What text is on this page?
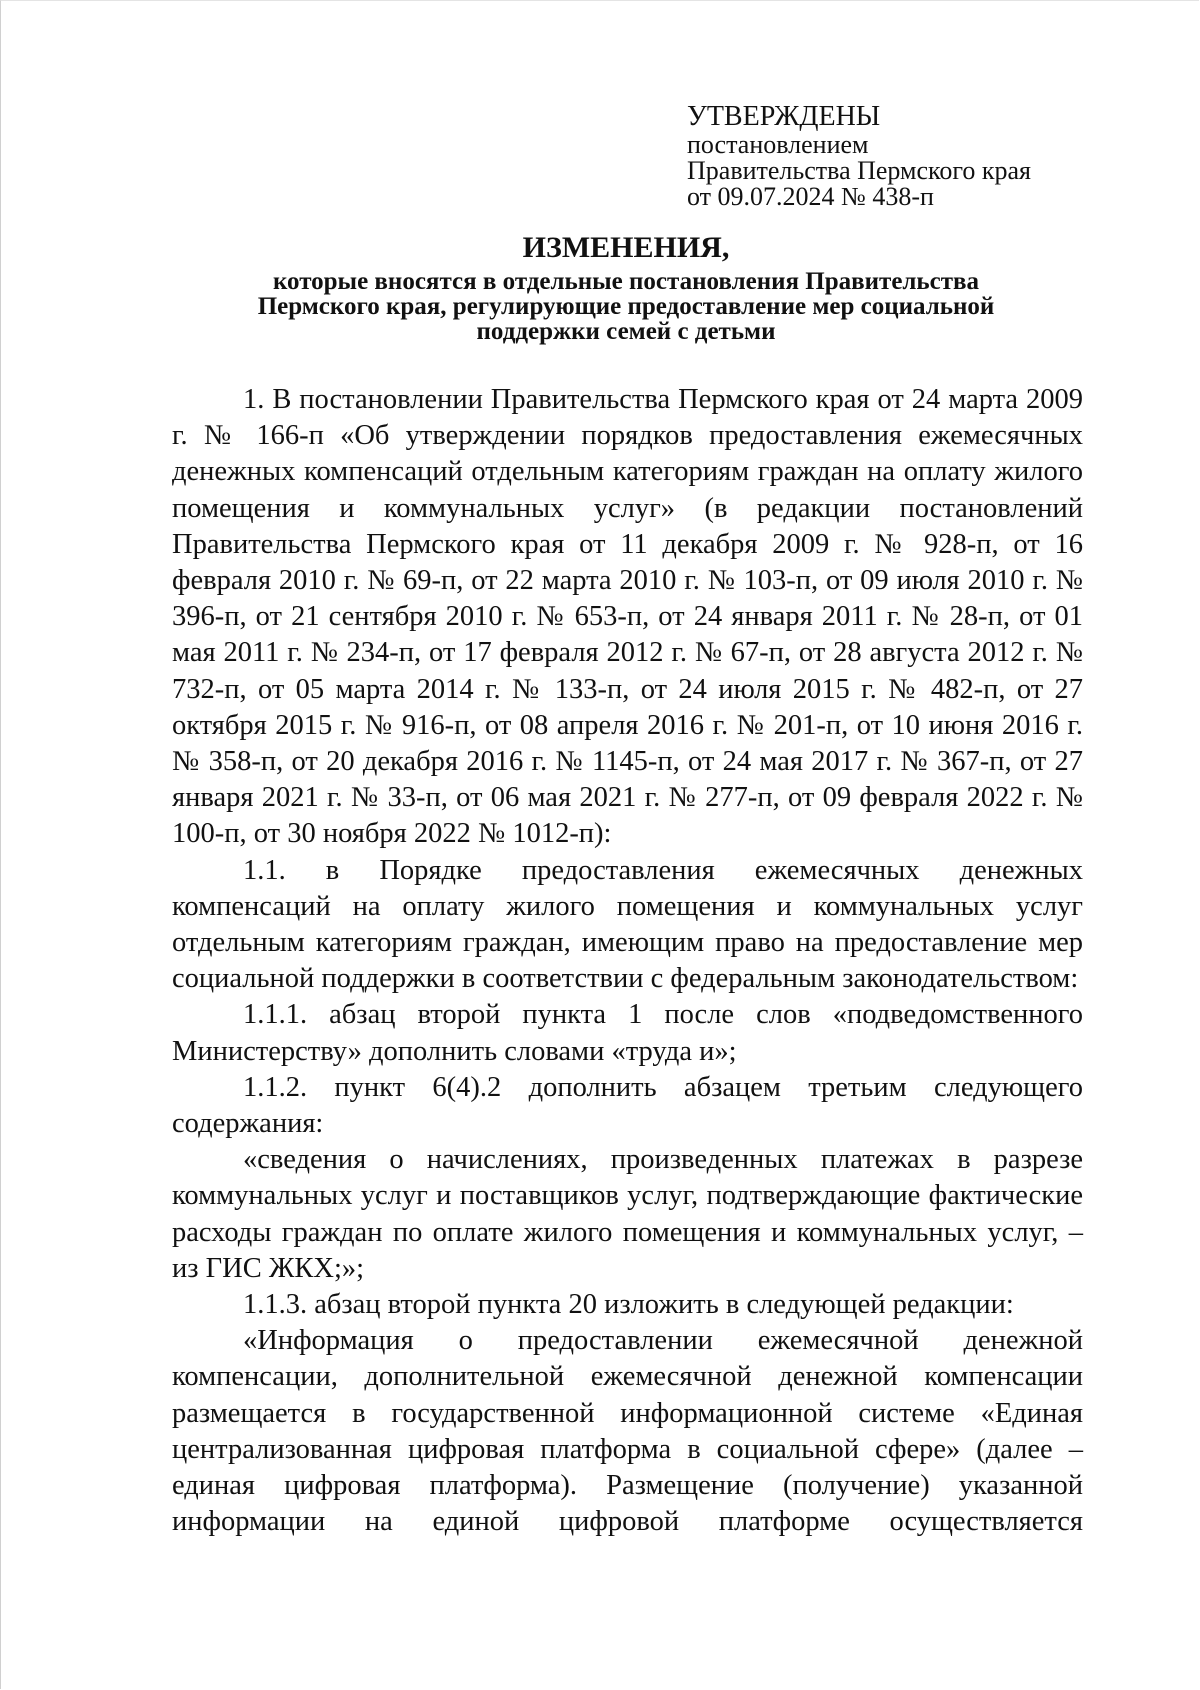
УТВЕРЖДЕНЫ
постановлением
Правительства Пермского края
от 09.07.2024 № 438-п
ИЗМЕНЕНИЯ,
которые вносятся в отдельные постановления Правительства
Пермского края, регулирующие предоставление мер социальной
поддержки семей с детьми

1. В постановлении Правительства Пермского края от 24 марта 2009 г. № 166-п «Об утверждении порядков предоставления ежемесячных денежных компенсаций отдельным категориям граждан на оплату жилого помещения и коммунальных услуг» (в редакции постановлений Правительства Пермского края от 11 декабря 2009 г. № 928-п, от 16 февраля 2010 г. № 69-п, от 22 марта 2010 г. № 103-п, от 09 июля 2010 г. № 396-п, от 21 сентября 2010 г. № 653-п, от 24 января 2011 г. № 28-п, от 01 мая 2011 г. № 234-п, от 17 февраля 2012 г. № 67-п, от 28 августа 2012 г. № 732-п, от 05 марта 2014 г. № 133-п, от 24 июля 2015 г. № 482-п, от 27 октября 2015 г. № 916-п, от 08 апреля 2016 г. № 201-п, от 10 июня 2016 г. № 358-п, от 20 декабря 2016 г. № 1145-п, от 24 мая 2017 г. № 367-п, от 27 января 2021 г. № 33-п, от 06 мая 2021 г. № 277-п, от 09 февраля 2022 г. № 100-п, от 30 ноября 2022 № 1012-п):

1.1. в Порядке предоставления ежемесячных денежных компенсаций на оплату жилого помещения и коммунальных услуг отдельным категориям граждан, имеющим право на предоставление мер социальной поддержки в соответствии с федеральным законодательством:

1.1.1. абзац второй пункта 1 после слов «подведомственного Министерству» дополнить словами «труда и»;

1.1.2. пункт 6(4).2 дополнить абзацем третьим следующего содержания:

«сведения о начислениях, произведенных платежах в разрезе коммунальных услуг и поставщиков услуг, подтверждающие фактические расходы граждан по оплате жилого помещения и коммунальных услуг, – из ГИС ЖКХ;»;

1.1.3. абзац второй пункта 20 изложить в следующей редакции:

«Информация о предоставлении ежемесячной денежной компенсации, дополнительной ежемесячной денежной компенсации размещается в государственной информационной системе «Единая централизованная цифровая платформа в социальной сфере» (далее – единая цифровая платформа). Размещение (получение) указанной информации на единой цифровой платформе осуществляется
